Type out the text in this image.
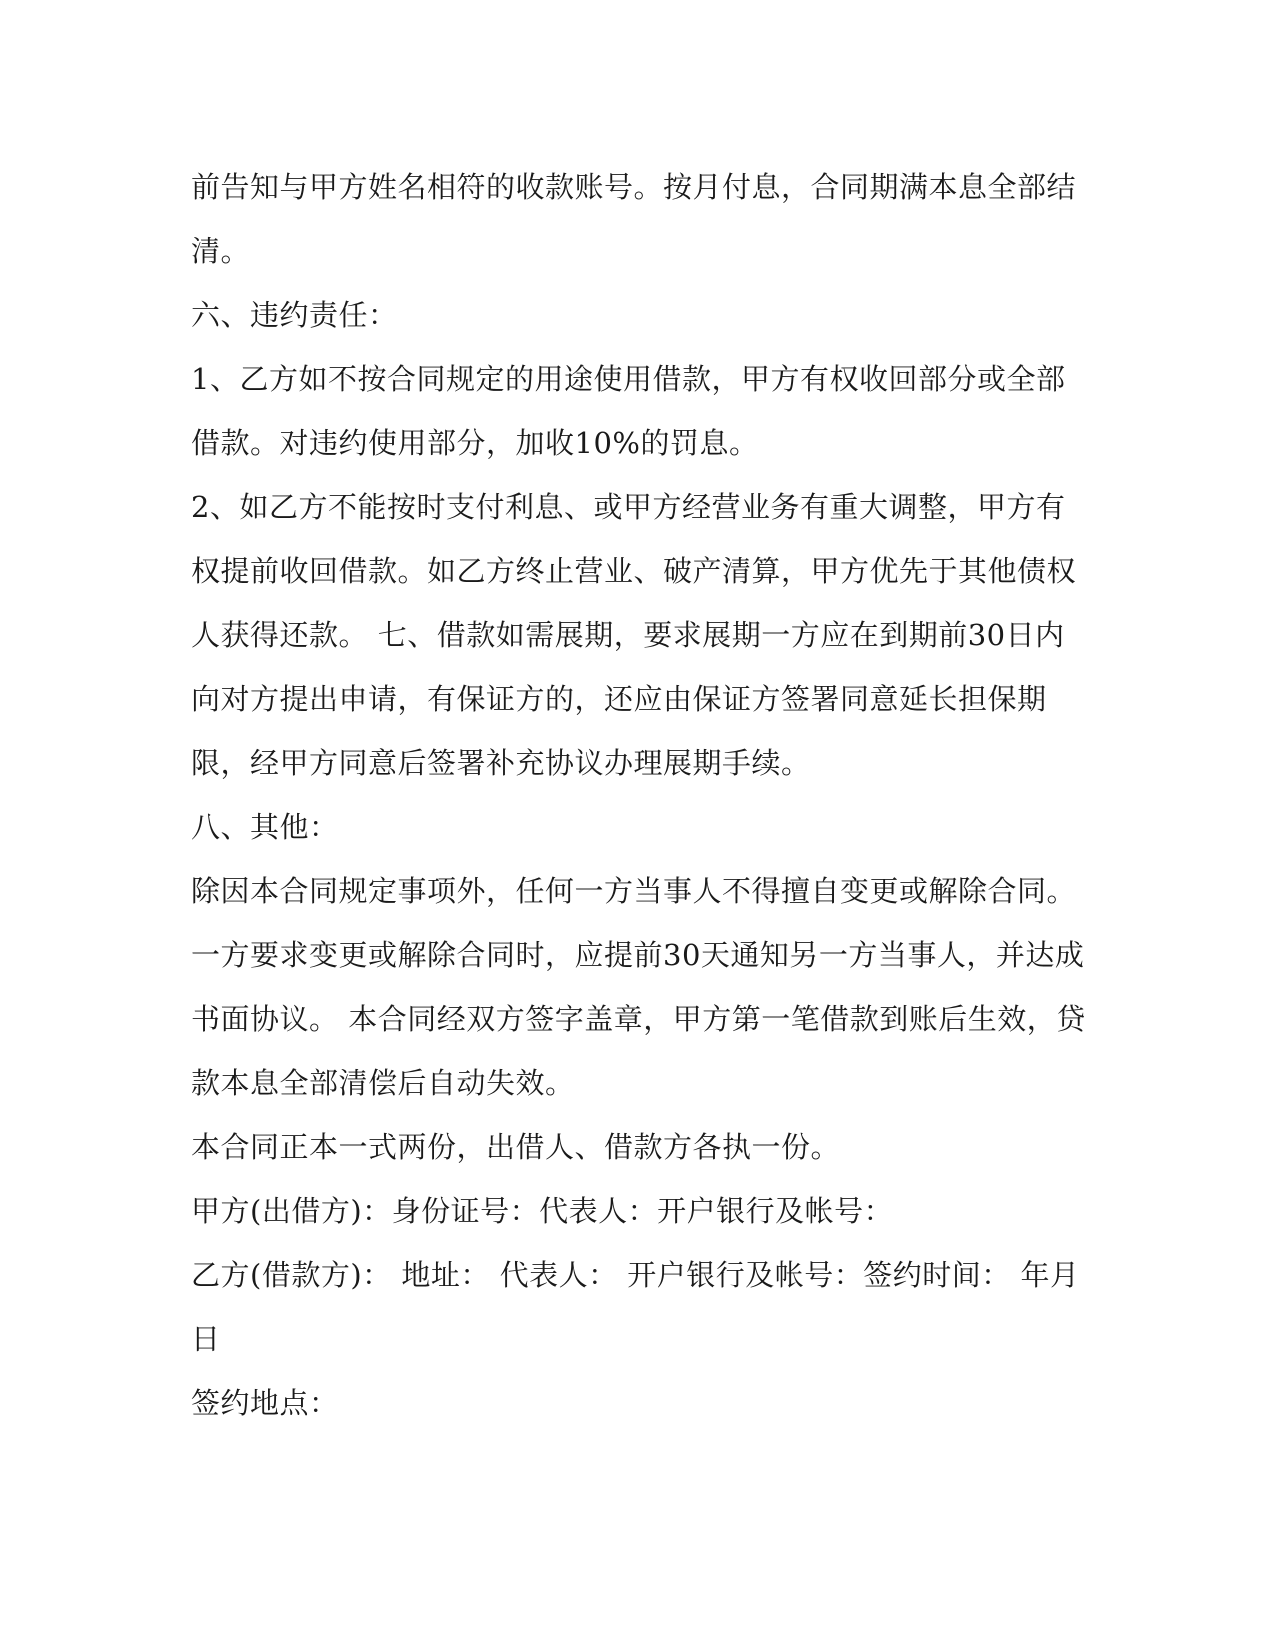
前告知与甲方姓名相符的收款账号。按月付息，合同期满本息全部结清。

六、违约责任：

1、乙方如不按合同规定的用途使用借款，甲方有权收回部分或全部借款。对违约使用部分，加收10%的罚息。

2、如乙方不能按时支付利息、或甲方经营业务有重大调整，甲方有权提前收回借款。如乙方终止营业、破产清算，甲方优先于其他债权人获得还款。 七、借款如需展期，要求展期一方应在到期前30日内向对方提出申请，有保证方的，还应由保证方签署同意延长担保期限，经甲方同意后签署补充协议办理展期手续。

八、其他：

除因本合同规定事项外，任何一方当事人不得擅自变更或解除合同。一方要求变更或解除合同时，应提前30天通知另一方当事人，并达成书面协议。 本合同经双方签字盖章，甲方第一笔借款到账后生效，贷款本息全部清偿后自动失效。

本合同正本一式两份，出借人、借款方各执一份。

甲方(出借方)：身份证号：代表人：开户银行及帐号：

乙方(借款方)： 地址： 代表人： 开户银行及帐号：签约时间： 年月 日

签约地点：
